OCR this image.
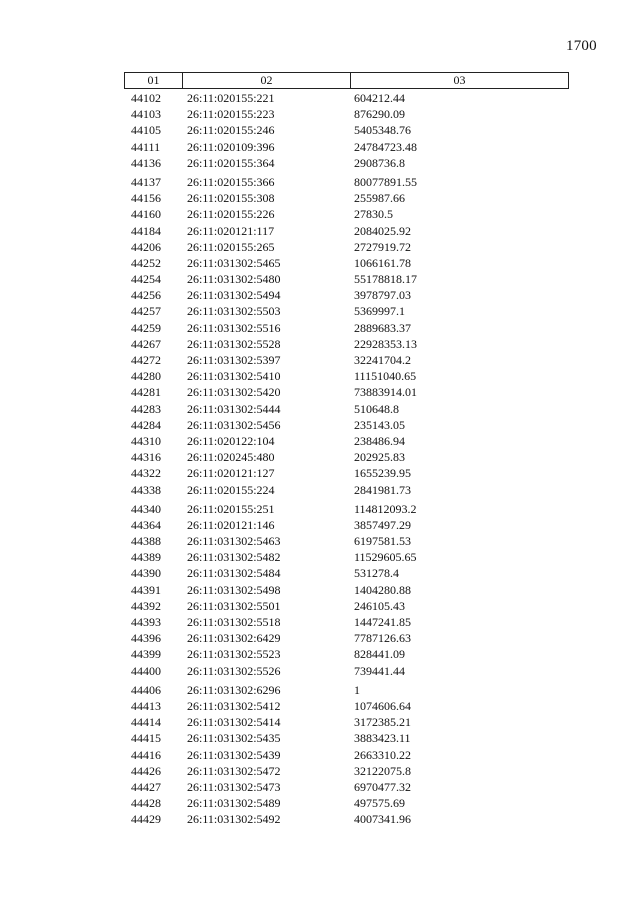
1700
01	02	03
44102	26:11:020155:221	604212.44
44103	26:11:020155:223	876290.09
44105	26:11:020155:246	5405348.76
44111	26:11:020109:396	24784723.48
44136	26:11:020155:364	2908736.8
44137	26:11:020155:366	80077891.55
44156	26:11:020155:308	255987.66
44160	26:11:020155:226	27830.5
44184	26:11:020121:117	2084025.92
44206	26:11:020155:265	2727919.72
44252	26:11:031302:5465	1066161.78
44254	26:11:031302:5480	55178818.17
44256	26:11:031302:5494	3978797.03
44257	26:11:031302:5503	5369997.1
44259	26:11:031302:5516	2889683.37
44267	26:11:031302:5528	22928353.13
44272	26:11:031302:5397	32241704.2
44280	26:11:031302:5410	11151040.65
44281	26:11:031302:5420	73883914.01
44283	26:11:031302:5444	510648.8
44284	26:11:031302:5456	235143.05
44310	26:11:020122:104	238486.94
44316	26:11:020245:480	202925.83
44322	26:11:020121:127	1655239.95
44338	26:11:020155:224	2841981.73
44340	26:11:020155:251	114812093.2
44364	26:11:020121:146	3857497.29
44388	26:11:031302:5463	6197581.53
44389	26:11:031302:5482	11529605.65
44390	26:11:031302:5484	531278.4
44391	26:11:031302:5498	1404280.88
44392	26:11:031302:5501	246105.43
44393	26:11:031302:5518	1447241.85
44396	26:11:031302:6429	7787126.63
44399	26:11:031302:5523	828441.09
44400	26:11:031302:5526	739441.44
44406	26:11:031302:6296	1
44413	26:11:031302:5412	1074606.64
44414	26:11:031302:5414	3172385.21
44415	26:11:031302:5435	3883423.11
44416	26:11:031302:5439	2663310.22
44426	26:11:031302:5472	32122075.8
44427	26:11:031302:5473	6970477.32
44428	26:11:031302:5489	497575.69
44429	26:11:031302:5492	4007341.96
